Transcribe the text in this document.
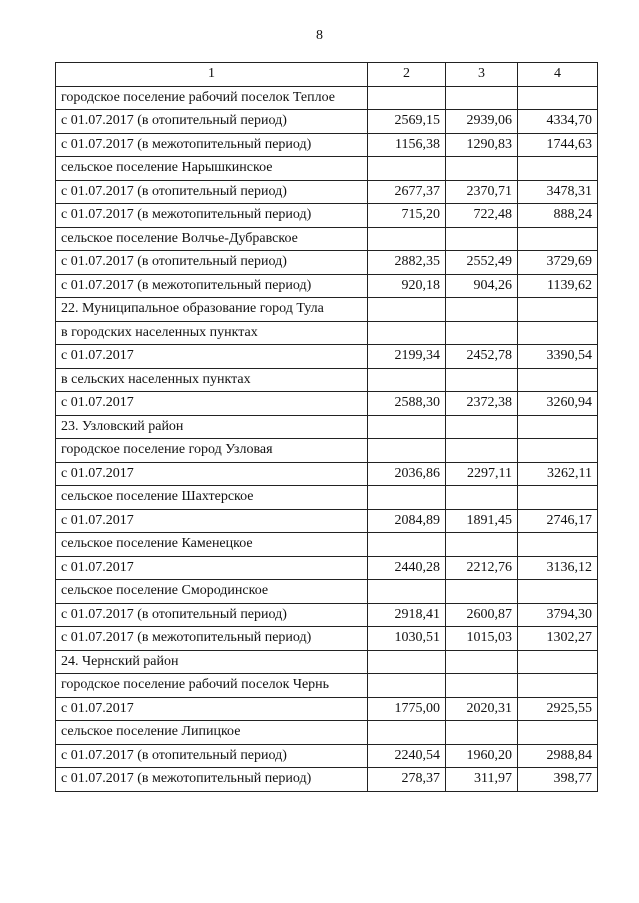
8
1	2	3	4
городское поселение рабочий поселок Теплое			
с 01.07.2017 (в отопительный период)	2569,15	2939,06	4334,70
с 01.07.2017 (в межотопительный период)	1156,38	1290,83	1744,63
сельское поселение Нарышкинское			
с 01.07.2017 (в отопительный период)	2677,37	2370,71	3478,31
с 01.07.2017 (в межотопительный период)	715,20	722,48	888,24
сельское поселение Волчье-Дубравское			
с 01.07.2017 (в отопительный период)	2882,35	2552,49	3729,69
с 01.07.2017 (в межотопительный период)	920,18	904,26	1139,62
22. Муниципальное образование город Тула			
в городских населенных пунктах			
с 01.07.2017	2199,34	2452,78	3390,54
в сельских населенных пунктах			
с 01.07.2017	2588,30	2372,38	3260,94
23. Узловский район			
городское поселение город Узловая			
с 01.07.2017	2036,86	2297,11	3262,11
сельское поселение Шахтерское			
с 01.07.2017	2084,89	1891,45	2746,17
сельское поселение Каменецкое			
с 01.07.2017	2440,28	2212,76	3136,12
сельское поселение Смородинское			
с 01.07.2017 (в отопительный период)	2918,41	2600,87	3794,30
с 01.07.2017 (в межотопительный период)	1030,51	1015,03	1302,27
24. Чернский район			
городское поселение рабочий поселок Чернь			
с 01.07.2017	1775,00	2020,31	2925,55
сельское поселение Липицкое			
с 01.07.2017 (в отопительный период)	2240,54	1960,20	2988,84
с 01.07.2017 (в межотопительный период)	278,37	311,97	398,77
